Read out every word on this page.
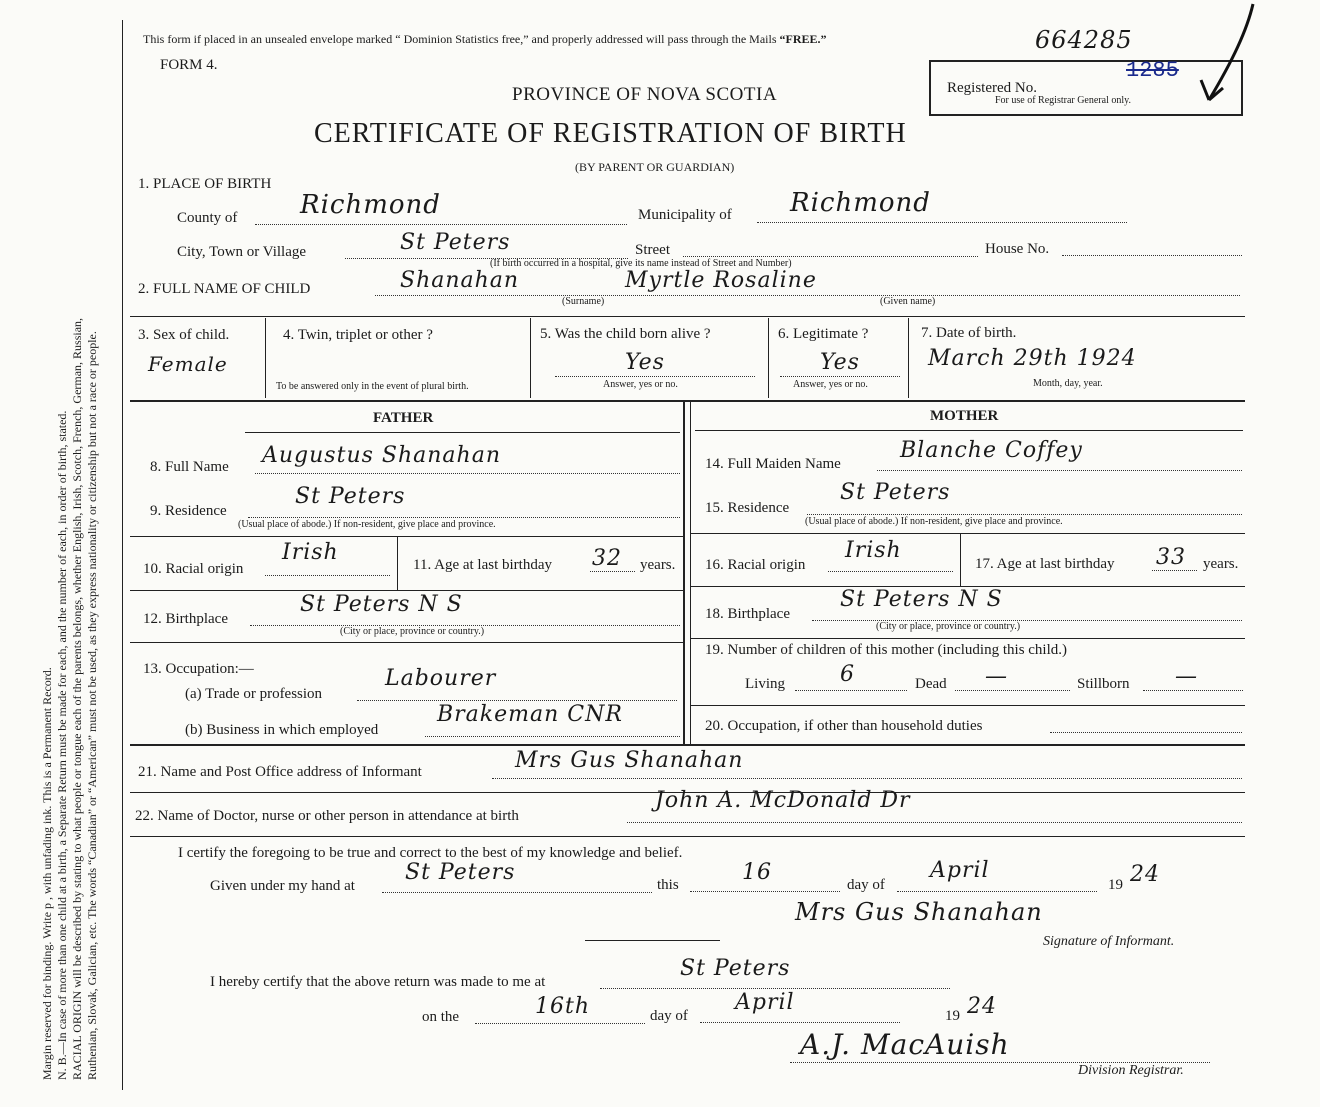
Margin reserved for binding. Write p , with unfading ink. This is a Permanent Record. N. B.—In case of more than one child at a birth, a Separate Return must be made for each, and the number of each, in order of birth, stated. RACIAL ORIGIN will be described by stating to what people or tongue each of the parents belongs, whether English, Irish, Scotch, French, German, Russian, Ruthenian, Slovak, Galician, etc. The words “Canadian” or “American” must not be used, as they express nationality or citizenship but not a race or people.
This form if placed in an unsealed envelope marked “ Dominion Statistics free,” and properly addressed will pass through the Mails “FREE.”	664285
FORM 4.
Registered No.
1285
For use of Registrar General only.
PROVINCE OF NOVA SCOTIA
CERTIFICATE OF REGISTRATION OF BIRTH
(BY PARENT OR GUARDIAN)
1. PLACE OF BIRTH
County of Richmond	Municipality of Richmond
City, Town or Village	St Peters	Street	House No.
(If birth occurred in a hospital, give its name instead of Street and Number)
2. FULL NAME OF CHILD	Shanahan	Myrtle Rosaline
(Surname)	(Given name)
3. Sex of child.
Female
4. Twin, triplet or other ?
To be answered only in the event of plural birth.
5. Was the child born alive ?
Yes
Answer, yes or no.
6. Legitimate ?
Yes
Answer, yes or no.
7. Date of birth.
March 29th 1924
Month, day, year.
FATHER	MOTHER
8. Full Name Augustus Shanahan
9. Residence
St Peters
(Usual place of abode.) If non-resident, give place and province.
10. Racial origin
Irish	11. Age at last birthday 32 years.
12. Birthplace
St Peters N S
(City or place, province or country.)
13. Occupation:—
(a) Trade or profession
Labourer
(b) Business in which employed
Brakeman CNR
14. Full Maiden Name
Blanche Coffey
15. Residence
St Peters
(Usual place of abode.) If non-resident, give place and province.
16. Racial origin
Irish
17. Age at last birthday 33 years.
18. Birthplace
St Peters N S
(City or place, province or country.)
19. Number of children of this mother (including this child.)
Living	6	Dead —	Stillborn —
20. Occupation, if other than household duties
21. Name and Post Office address of Informant	Mrs Gus Shanahan
22. Name of Doctor, nurse or other person in attendance at birth
John A. McDonald Dr
I certify the foregoing to be true and correct to the best of my knowledge and belief.
Given under my hand at
St Peters	this	16	day of
April
19 24
Mrs Gus Shanahan
Signature of Informant.
I hereby certify that the above return was made to me at
St Peters
on the	16th	day of
April
19 24
A.J. MacAuish
Division Registrar.
